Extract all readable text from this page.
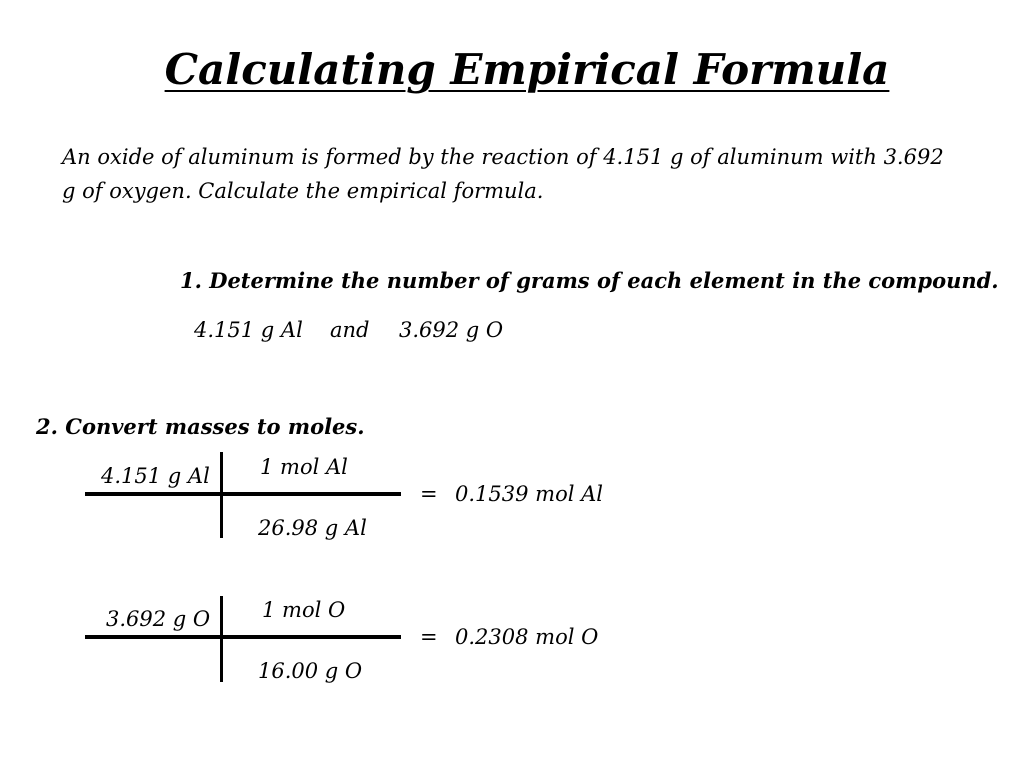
Calculating Empirical Formula
An oxide of aluminum is formed by the reaction of 4.151 g of aluminum with 3.692 g of oxygen. Calculate the empirical formula.
1. Determine the number of grams of each element in the compound.
4.151 g Al and 3.692 g O
2. Convert masses to moles.
4.151 g Al 1 mol Al
26.98 g Al
= 0.1539 mol Al
3.692 g O 1 mol O
16.00 g O
= 0.2308 mol O
